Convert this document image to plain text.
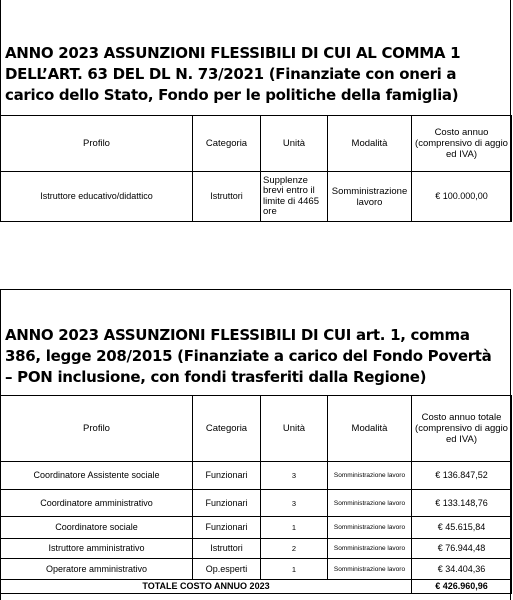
ANNO 2023 ASSUNZIONI FLESSIBILI DI CUI AL COMMA 1
DELL’ART. 63 DEL DL N. 73/2021 (Finanziate con oneri a
carico dello Stato, Fondo per le politiche della famiglia)
Profilo	Categoria	Unità	Modalità	Costo annuo (comprensivo di aggio ed IVA)
Istruttore educativo/didattico	Istruttori	Supplenze brevi entro il limite di 4465 ore	Somministrazione lavoro	€ 100.000,00
ANNO 2023 ASSUNZIONI FLESSIBILI DI CUI art. 1, comma
386, legge 208/2015 (Finanziate a carico del Fondo Povertà
– PON inclusione, con fondi trasferiti dalla Regione)
Profilo	Categoria	Unità	Modalità	Costo annuo totale (comprensivo di aggio ed IVA)
Coordinatore Assistente sociale	Funzionari	3	Somministrazione lavoro	€ 136.847,52
Coordinatore amministrativo	Funzionari	3	Somministrazione lavoro	€ 133.148,76
Coordinatore sociale	Funzionari	1	Somministrazione lavoro	€ 45.615,84
Istruttore amministrativo	Istruttori	2	Somministrazione lavoro	€ 76.944,48
Operatore amministrativo	Op.esperti	1	Somministrazione lavoro	€ 34.404,36
TOTALE COSTO ANNUO 2023				€ 426.960,96
